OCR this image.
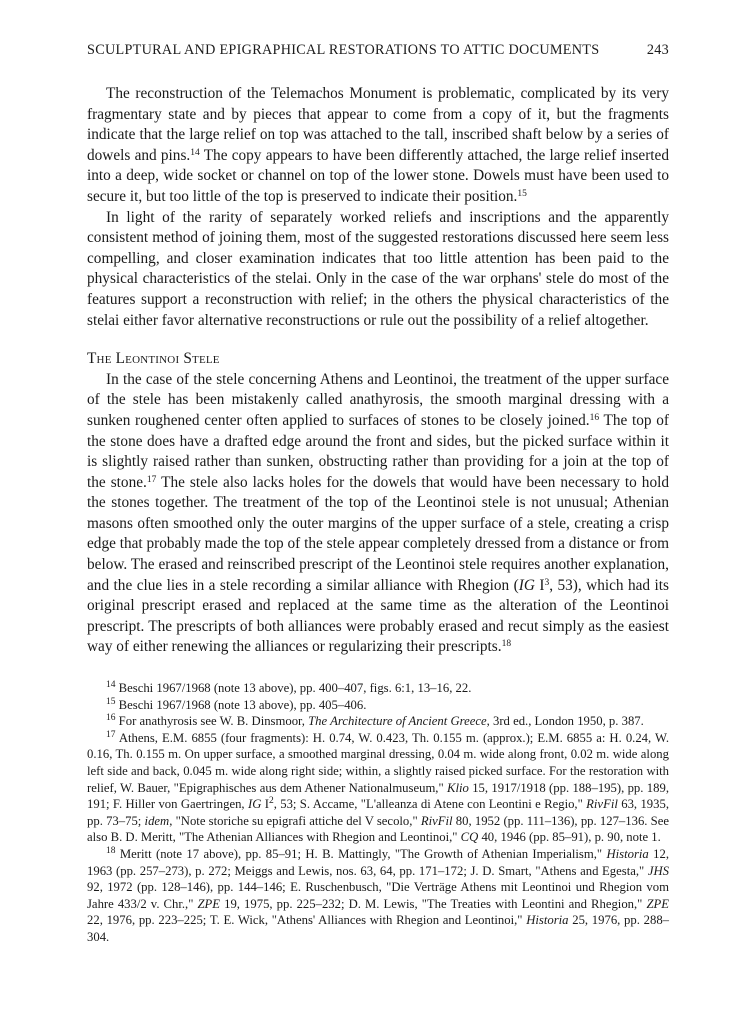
SCULPTURAL AND EPIGRAPHICAL RESTORATIONS TO ATTIC DOCUMENTS	243

The reconstruction of the Telemachos Monument is problematic, complicated by its very fragmentary state and by pieces that appear to come from a copy of it, but the fragments indicate that the large relief on top was attached to the tall, inscribed shaft below by a series of dowels and pins.$^{14}$ The copy appears to have been differently attached, the large relief inserted into a deep, wide socket or channel on top of the lower stone. Dowels must have been used to secure it, but too little of the top is preserved to indicate their position.$^{15}$

In light of the rarity of separately worked reliefs and inscriptions and the apparently consistent method of joining them, most of the suggested restorations discussed here seem less compelling, and closer examination indicates that too little attention has been paid to the physical characteristics of the stelai. Only in the case of the war orphans' stele do most of the features support a reconstruction with relief; in the others the physical characteristics of the stelai either favor alternative reconstructions or rule out the possibility of a relief altogether.

The Leontinoi Stele

In the case of the stele concerning Athens and Leontinoi, the treatment of the upper surface of the stele has been mistakenly called anathyrosis, the smooth marginal dressing with a sunken roughened center often applied to surfaces of stones to be closely joined.$^{16}$ The top of the stone does have a drafted edge around the front and sides, but the picked surface within it is slightly raised rather than sunken, obstructing rather than providing for a join at the top of the stone.$^{17}$ The stele also lacks holes for the dowels that would have been necessary to hold the stones together. The treatment of the top of the Leontinoi stele is not unusual; Athenian masons often smoothed only the outer margins of the upper surface of a stele, creating a crisp edge that probably made the top of the stele appear completely dressed from a distance or from below. The erased and reinscribed prescript of the Leontinoi stele requires another explanation, and the clue lies in a stele recording a similar alliance with Rhegion (IG $I^3$, 53), which had its original prescript erased and replaced at the same time as the alteration of the Leontinoi prescript. The prescripts of both alliances were probably erased and recut simply as the easiest way of either renewing the alliances or regularizing their prescripts.$^{18}$

$^{14}$ Beschi 1967/1968 (note 13 above), pp. 400–407, figs. 6:1, 13–16, 22.

$^{15}$ Beschi 1967/1968 (note 13 above), pp. 405–406.

$^{16}$ For anathyrosis see W. B. Dinsmoor, The Architecture of Ancient Greece, 3rd ed., London 1950, p. 387.

$^{17}$ Athens, E.M. 6855 (four fragments): H. 0.74, W. 0.423, Th. 0.155 m. (approx.); E.M. 6855 a: H. 0.24, W. 0.16, Th. 0.155 m. On upper surface, a smoothed marginal dressing, 0.04 m. wide along front, 0.02 m. wide along left side and back, 0.045 m. wide along right side; within, a slightly raised picked surface. For the restoration with relief, W. Bauer, "Epigraphisches aus dem Athener Nationalmuseum," Klio 15, 1917/1918 (pp. 188–195), pp. 189, 191; F. Hiller von Gaertringen, IG $I^2$, 53; S. Accame, "L'alleanza di Atene con Leontini e Regio," RivFil 63, 1935, pp. 73–75; idem, "Note storiche su epigrafi attiche del V secolo," RivFil 80, 1952 (pp. 111–136), pp. 127–136. See also B. D. Meritt, "The Athenian Alliances with Rhegion and Leontinoi," CQ 40, 1946 (pp. 85–91), p. 90, note 1.

$^{18}$ Meritt (note 17 above), pp. 85–91; H. B. Mattingly, "The Growth of Athenian Imperialism," Historia 12, 1963 (pp. 257–273), p. 272; Meiggs and Lewis, nos. 63, 64, pp. 171–172; J. D. Smart, "Athens and Egesta," JHS 92, 1972 (pp. 128–146), pp. 144–146; E. Ruschenbusch, "Die Verträge Athens mit Leontinoi und Rhegion vom Jahre 433/2 v. Chr.," ZPE 19, 1975, pp. 225–232; D. M. Lewis, "The Treaties with Leontini and Rhegion," ZPE 22, 1976, pp. 223–225; T. E. Wick, "Athens' Alliances with Rhegion and Leontinoi," Historia 25, 1976, pp. 288–304.
